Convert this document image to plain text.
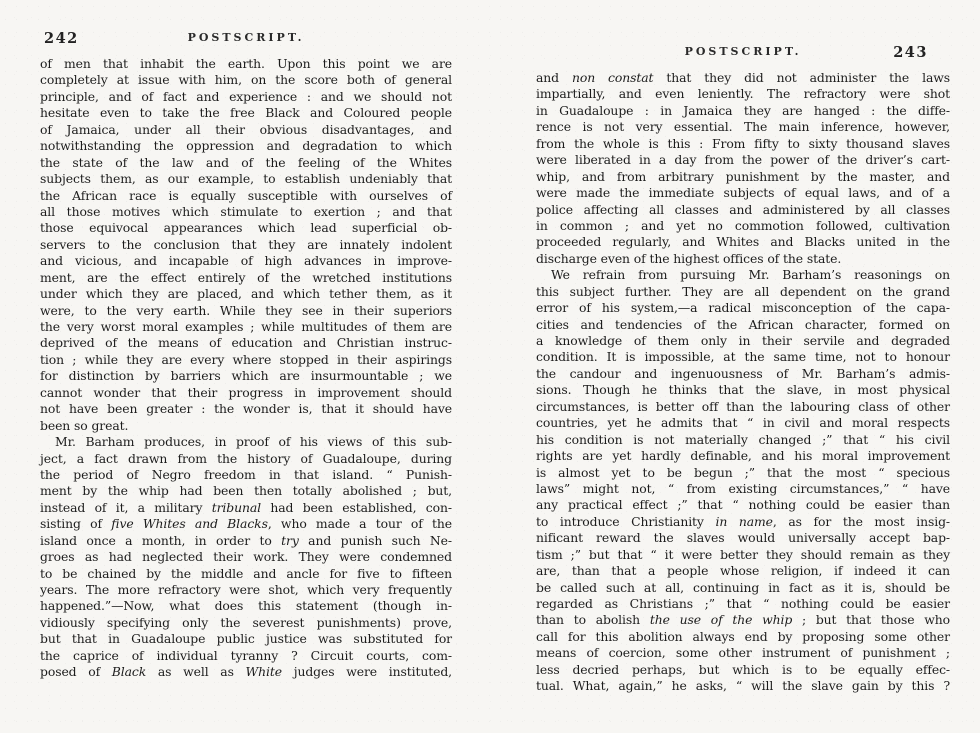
242	POSTSCRIPT.
of men that inhabit the earth. Upon this point we are
completely at issue with him, on the score both of general
principle, and of fact and experience : and we should not
hesitate even to take the free Black and Coloured people
of Jamaica, under all their obvious disadvantages, and
notwithstanding the oppression and degradation to which
the state of the law and of the feeling of the Whites
subjects them, as our example, to establish undeniably that
the African race is equally susceptible with ourselves of
all those motives which stimulate to exertion ; and that
those equivocal appearances which lead superficial ob-
servers to the conclusion that they are innately indolent
and vicious, and incapable of high advances in improve-
ment, are the effect entirely of the wretched institutions
under which they are placed, and which tether them, as it
were, to the very earth. While they see in their superiors
the very worst moral examples ; while multitudes of them are
deprived of the means of education and Christian instruc-
tion ; while they are every where stopped in their aspirings
for distinction by barriers which are insurmountable ; we
cannot wonder that their progress in improvement should
not have been greater : the wonder is, that it should have
been so great.
Mr. Barham produces, in proof of his views of this sub-
ject, a fact drawn from the history of Guadaloupe, during
the period of Negro freedom in that island. “ Punish-
ment by the whip had been then totally abolished ; but,
instead of it, a military tribunal had been established, con-
sisting of five Whites and Blacks, who made a tour of the
island once a month, in order to try and punish such Ne-
groes as had neglected their work. They were condemned
to be chained by the middle and ancle for five to fifteen
years. The more refractory were shot, which very frequently
happened.”—Now, what does this statement (though in-
vidiously specifying only the severest punishments) prove,
but that in Guadaloupe public justice was substituted for
the caprice of individual tyranny ? Circuit courts, com-
posed of Black as well as White judges were instituted,
POSTSCRIPT.	243
and non constat that they did not administer the laws
impartially, and even leniently. The refractory were shot
in Guadaloupe : in Jamaica they are hanged : the diffe-
rence is not very essential. The main inference, however,
from the whole is this : From fifty to sixty thousand slaves
were liberated in a day from the power of the driver’s cart-
whip, and from arbitrary punishment by the master, and
were made the immediate subjects of equal laws, and of a
police affecting all classes and administered by all classes
in common ; and yet no commotion followed, cultivation
proceeded regularly, and Whites and Blacks united in the
discharge even of the highest offices of the state.
We refrain from pursuing Mr. Barham’s reasonings on
this subject further. They are all dependent on the grand
error of his system,—a radical misconception of the capa-
cities and tendencies of the African character, formed on
a knowledge of them only in their servile and degraded
condition. It is impossible, at the same time, not to honour
the candour and ingenuousness of Mr. Barham’s admis-
sions. Though he thinks that the slave, in most physical
circumstances, is better off than the labouring class of other
countries, yet he admits that “ in civil and moral respects
his condition is not materially changed ;” that “ his civil
rights are yet hardly definable, and his moral improvement
is almost yet to be begun ;” that the most “ specious
laws” might not, “ from existing circumstances,” “ have
any practical effect ;” that “ nothing could be easier than
to introduce Christianity in name, as for the most insig-
nificant reward the slaves would universally accept bap-
tism ;” but that “ it were better they should remain as they
are, than that a people whose religion, if indeed it can
be called such at all, continuing in fact as it is, should be
regarded as Christians ;” that “ nothing could be easier
than to abolish the use of the whip ; but that those who
call for this abolition always end by proposing some other
means of coercion, some other instrument of punishment ;
less decried perhaps, but which is to be equally effec-
tual. What, again,” he asks, “ will the slave gain by this ?
